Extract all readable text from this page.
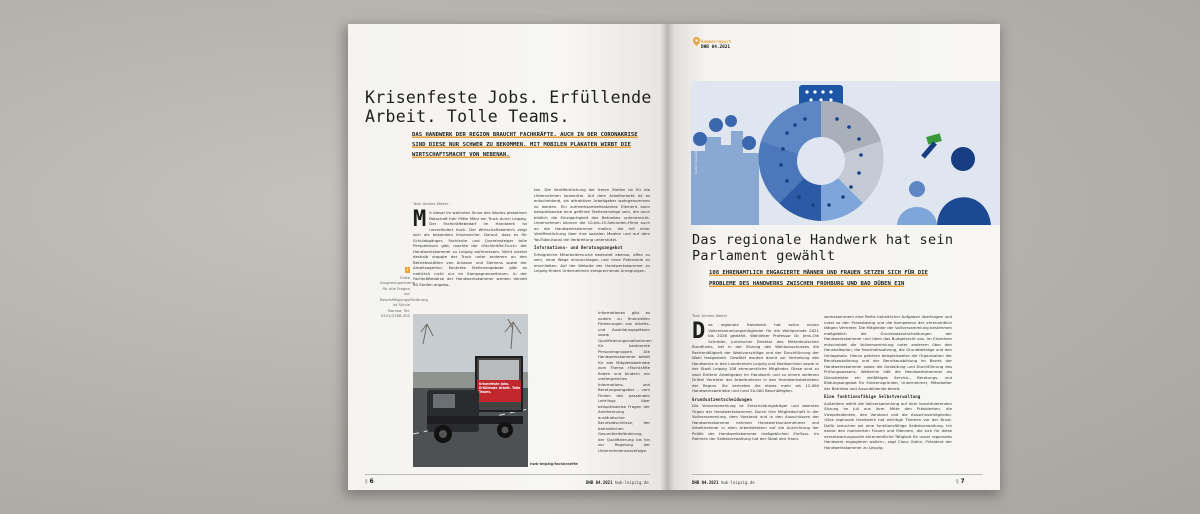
Krisenfeste Jobs. Erfüllende Arbeit. Tolle Teams.
DAS HANDWERK DER REGION BRAUCHT FACHKRÄFTE. AUCH IN DER CORONAKRISE SIND DIESE NUR SCHWER ZU BEKOMMEN. MIT MOBILEN PLAKATEN WIRBT DIE WIRTSCHAFTSMACHT VON NEBENAN.
Text: Andrea Wolter ,
M it dieser im wahrsten Sinne des Wortes plakativen Botschaft fuhr Mitte März ein Truck durch Leipzig. Der Fachkräftebedarf im Handwerk ist unverändert hoch. Der Wirtschaftsbereich zeigt sich als besonders krisensicher. Darauf, dass es für Schulabgänger, Fachleute und Quereinsteiger tolle Perspektiven gibt, machte der »Fachkräfte-Truck« der Handwerkskammer zu Leipzig aufmerksam. Nicht zuletzt deshalb stoppte der Truck unter anderem an den Betriebsstätten von Amazon und Siemens sowie der Arbeitsagentur. Konkrete Stellenangebote gibt es natürlich nicht nur im Kampagnenzeitraum. In der Fachkräftebörse der Handwerkskammer werden derzeit 80 Stellen angebo-
ten. Die Veröffentlichung der freien Stellen ist für die Unternehmen kostenfrei. Auf dem Arbeitsmarkt ist es entscheidend, als attraktiver Arbeitgeber wahrgenommen zu werden. Ein aufmerksamkeitsstarkes Element kann beispielsweise eine gefilmte Stellenanzeige sein, die auch bildlich die Einzigartigkeit des Betriebes unterstreicht. Unternehmen können die 10-bis-15-Sekunden-Filme auch an die Handwerkskammer mailen, die mit einer Veröffentlichung über ihre sozialen Medien und auf dem YouTube-Kanal die Verbreitung unterstützt.
Informations- und Beratungsangebot
Erfolgreiche Mitarbeitersuche bedeutet ebenso, offen zu sein, neue Wege einzuschlagen und neue Potenziale zu erschließen. Auf der Website der Handwerkskammer zu Leipzig finden Unternehmen entsprechende Anregungen.
Informationen gibt es zudem zu finanziellen Förderungen von Arbeits- und Ausbildungsplätzen sowie Qualifizierungsmaßnahmen für bestimmte Personengruppen. Die Handwerkskammer bietet für alle Mitgliedsbetriebe zum Thema »Fachkräfte finden und binden« ein umfangreiches Informations- und Beratungsangebot – vom Finden des passenden Lehrlings über beispielsweise Fragen der Anerkennung ausländischer Berufsabschlüsse, der betrieblichen Gesundheitsförderung, der Qualifizierung bis hin zur Regelung der Unternehmensnachfolge.
i
Erste Ansprechpartnerin für alle Fragen zur Beschäftigungsförderung ist Sylvia Barnsa, Tel. 0341/2188-302
Krisenfeste Jobs. Erfüllende Arbeit. Tolle Teams.
hwk-leipzig/fachkraefte
§ 6	DHB 04.2021 hwk-leipzig.de
Kammerreport
DHB 04.2021
Grafik: fotolia/Wolter
Das regionale Handwerk hat sein Parlament gewählt
108 EHRENAMTLICH ENGAGIERTE MÄNNER UND FRAUEN SETZEN SICH FÜR DIE PROBLEME DES HANDWERKS ZWISCHEN FROHBURG UND BAD DÜBEN EIN
Text: Andrea Wolter
D as regionale Handwerk hat seine neuen Vollversammlungsmitglieder für die Wahlperiode 2021 bis 2026 gewählt. Wahlleiter Professor Dr. Jens-Ole Schröder, Juristischer Direktor des Mitteldeutschen Rundfunks, hat in der Sitzung des Wahlausschusses die Rechtmäßigkeit der Wahlvorschläge und der Durchführung der Wahl festgestellt. Gewählt wurden damit zur Vertretung des Handwerks in den Landkreisen Leipzig und Nordsachsen sowie in der Stadt Leipzig 108 ehrenamtliche Mitglieder. Diese sind zu zwei Dritteln Arbeitgeber im Handwerk und zu einem weiteren Drittel Vertreter der Arbeitnehmer in den Handwerksbetrieben der Region. Sie vertreten die etwas mehr als 12.000 Handwerksbetriebe und rund 50.000 Beschäftigten.
Grundsatzentscheidungen
Die Vollversammlung ist Entscheidungsträger und oberstes Organ der Handwerkskammer. Durch ihre Mitgliedschaft in der Vollversammlung, dem Vorstand und in den Ausschüssen der Handwerkskammer nehmen Handwerksunternehmer und Arbeitnehmer in allen Arbeitsfeldern auf die Ausrichtung der Politik der Handwerkskammer maßgeblichen Einfluss. Im Rahmen der Selbstverwaltung hat der Staat den Hand-
werkskammern eine Reihe hoheitlicher Aufgaben übertragen und nutzt so den Praxisbezug und die Kompetenz der ehrenamtlich tätigen Vertreter. Die Mitglieder der Vollversammlung bestimmen maßgeblich die Grundsatzentscheidungen der Handwerkskammer und üben das Budgetrecht aus. Im Einzelnen entscheidet die Vollversammlung unter anderem über den Haushaltsplan, die Haushaltssatzung, die Grundbeiträge und den Umlagesatz. Hierzu gehören beispielsweise die Organisation der Berufsausbildung und der Berufsausbildung im Bezirk der Handwerkskammer sowie die Gestaltung und Durchführung des Prüfungswesens. Weiterhin hält die Handwerkskammer als Dienstleister ein vielfältiges Service-, Beratungs- und Bildungsangebot für Existenzgründer, Unternehmer, Mitarbeiter der Betriebe und Auszubildende bereit.
Eine funktionsfähige Selbstverwaltung
Außerdem wählt die Vollversammlung auf ihrer konstituierenden Sitzung im Juli aus ihrer Mitte den Präsidenten, die Vizepräsidenten, den Vorstand und die Ausschussmitglieder. »Das regionale Handwerk hat wichtige Themen vor der Brust. Dafür brauchen wir eine funktionsfähige Selbstverwaltung. Ich danke den motivierten Frauen und Männern, die sich für diese verantwortungsvolle ehrenamtliche Tätigkeit für unser regionales Handwerk engagieren wollen«, sagt Claus Gröhn, Präsident der Handwerkskammer zu Leipzig.
DHB 04.2021 hwk-leipzig.de	§ 7
